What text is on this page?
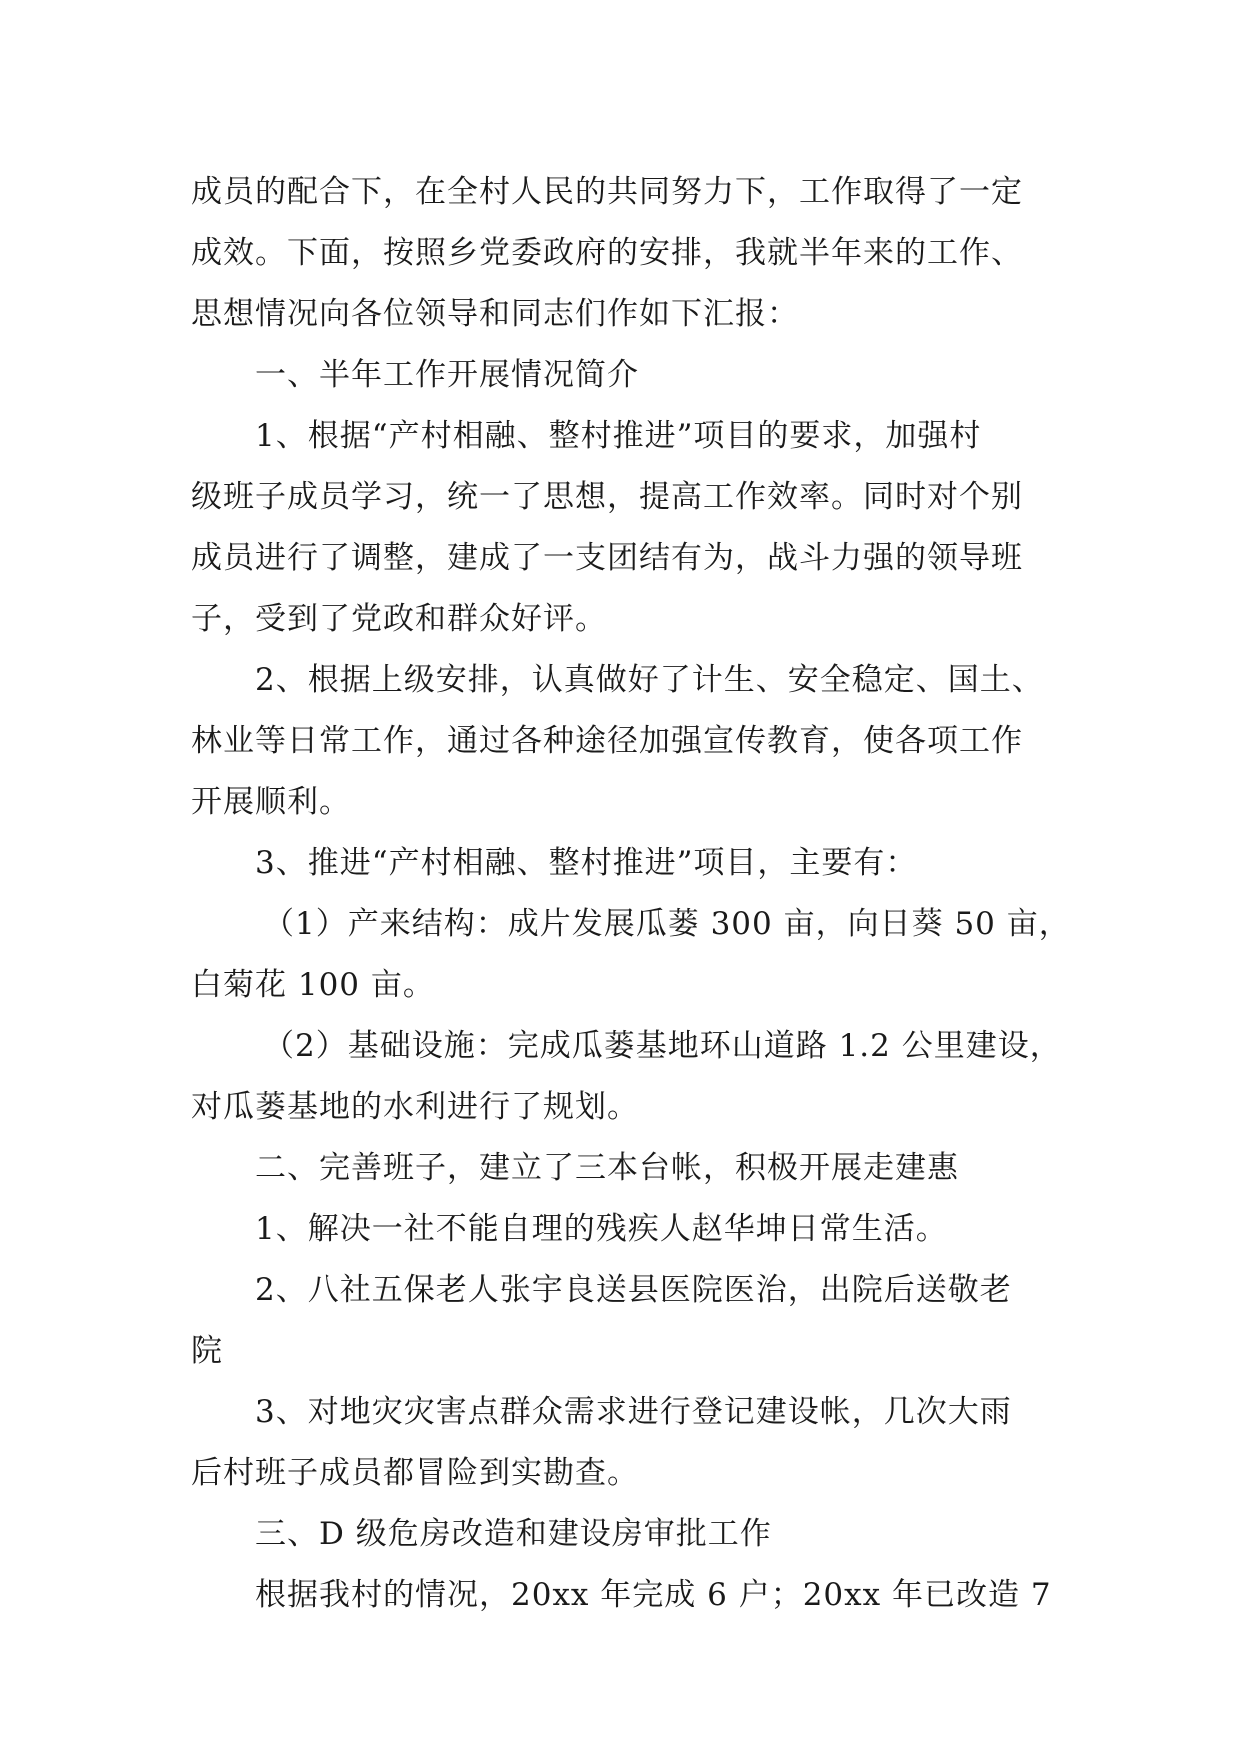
成员的配合下，在全村人民的共同努力下，工作取得了一定
成效。下面，按照乡党委政府的安排，我就半年来的工作、
思想情况向各位领导和同志们作如下汇报：
一、半年工作开展情况简介
1、根据“产村相融、整村推进”项目的要求，加强村
级班子成员学习，统一了思想，提高工作效率。同时对个别
成员进行了调整，建成了一支团结有为，战斗力强的领导班
子，受到了党政和群众好评。
2、根据上级安排，认真做好了计生、安全稳定、国土、
林业等日常工作，通过各种途径加强宣传教育，使各项工作
开展顺利。
3、推进“产村相融、整村推进”项目，主要有：
（1）产来结构：成片发展瓜蒌 300 亩，向日葵 50 亩，
白菊花 100 亩。
（2）基础设施：完成瓜蒌基地环山道路 1.2 公里建设，
对瓜蒌基地的水利进行了规划。
二、完善班子，建立了三本台帐，积极开展走建惠
1、解决一社不能自理的残疾人赵华坤日常生活。
2、八社五保老人张宇良送县医院医治，出院后送敬老
院
3、对地灾灾害点群众需求进行登记建设帐，几次大雨
后村班子成员都冒险到实勘查。
三、D 级危房改造和建设房审批工作
根据我村的情况，20xx 年完成 6 户；20xx 年已改造 7
